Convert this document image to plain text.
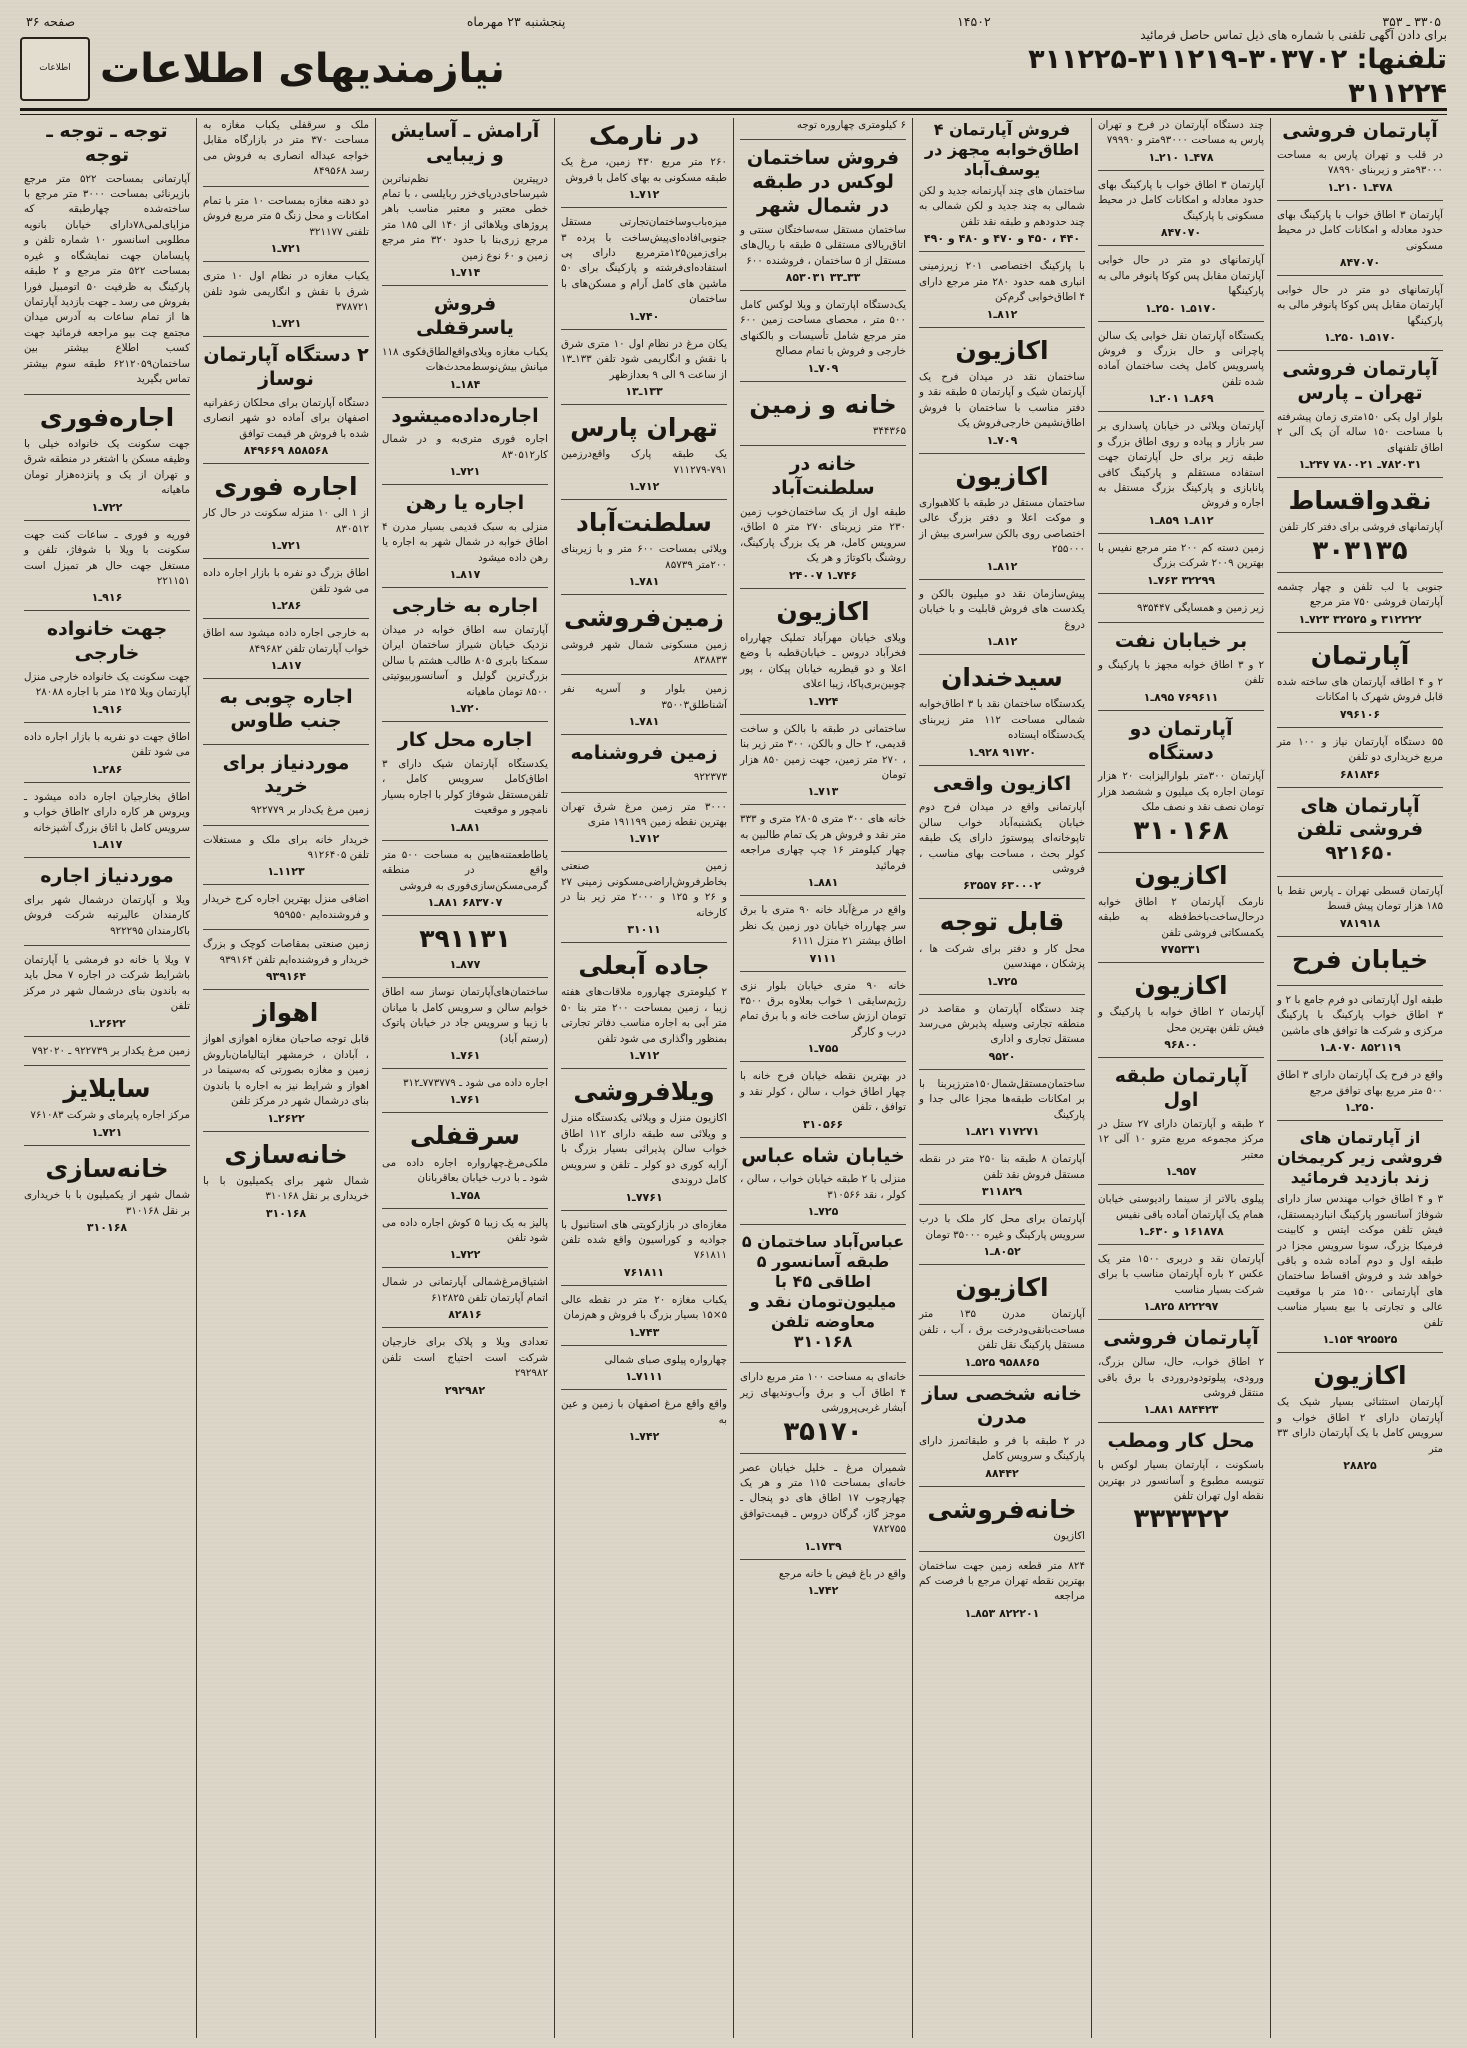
۳۳۰۵ ـ ۳۵۳
۱۴۵۰۲
پنجشنبه ۲۳ مهرماه
صفحه ۳۶
برای دادن آگهی تلفنی با شماره های ذیل تماس حاصل فرمائید
تلفنها: ۳۰۳۷۰۲-۳۱۱۲۱۹-۳۱۱۲۲۵
۳۱۱۲۲۴
نیازمندیهای اطلاعات
اطلاعات
آپارتمان فروشی
در قلب و تهران پارس به مساحت ۹۳۰۰۰متر و زیربنای ۷۸۹۹۰
۴۷۸ـ۱ ۲۱۰ـ۱
آپارتمان ۳ اطاق خواب با پارکینگ بهای حدود معادله و امکانات کامل در محیط مسکونی
۸۴۷۰۷۰
آپارتمانهای دو متر در حال خوابی آپارتمان مقابل پس کوکا پانوفر مالی به پارکینگها
۵۱۷۰ـ۱ ۲۵۰ـ۱
آپارتمان فروشی تهران ـ پارس
بلوار اول یکی ۱۵۰متری زمان پیشرفته با مساحت ۱۵۰ ساله آن یک آلی ۲ اطاق تلفنهای
۷۸۲۰۳۱ـ ۷۸۰۰۲۱ ۲۴۷ـ۱
نقدواقساط
آپارتمانهای فروشی برای دفتر کار تلفن
۳۰۳۱۳۵
جنوبی با لب تلفن و چهار چشمه آپارتمان فروشی ۷۵۰ متر مرجع
۳۱۲۲۲۲ و ۳۲۵۲۵ ۷۲۳ـ۱
آپارتمان
۲ و ۴ اطاقه آپارتمان های ساخته شده قابل فروش شهرک با امکانات
۷۹۶۱۰۶
۵۵ دستگاه آپارتمان نیاز و ۱۰۰ متر مربع خریداری دو تلفن
۶۸۱۸۴۶
آپارتمان های فروشی تلفن ۹۲۱۶۵۰
آپارتمان قسطی تهران ـ پارس نقط با ۱۸۵ هزار تومان پیش قسط
۷۸۱۹۱۸
خیابان فرح
طبقه اول آپارتمانی دو فرم جامع با ۲ و ۳ اطاق خواب پارکینگ با پارکینگ مرکزی و شرکت ها توافق های ماشین
۸۵۲۱۱۹ ۸۰۷۰ـ۱
واقع در فرح یک آپارتمان دارای ۳ اطاق ۵۰۰ متر مربع بهای توافق مرجع
۲۵۰ـ۱
از آپارتمان های فروشی زیر کریمخان زند بازدید فرمائید
۳ و ۴ اطاق خواب مهندس ساز دارای شوفاژ آسانسور پارکینگ انباردیمستقل، فیش تلفن موکت ایتس و کابینت فرمیکا بزرگ، سونا سرویس مجزا در طبقه اول و دوم آماده شده و باقی خواهد شد و فروش اقساط ساختمان های آپارتمانی ۱۵۰۰ متر با موقعیت عالی و تجارتی با بیع بسیار مناسب تلفن
۹۲۵۵۲۵ ۱۵۴ـ۱
اکازیون
آپارتمان استثنائی بسیار شیک یک آپارتمان دارای ۲ اطاق خواب و سرویس کامل با یک آپارتمان دارای ۳۳ متر
۲۸۸۲۵
چند دستگاه آپارتمان در فرح و تهران پارس به مساحت ۹۳۰۰۰متر و ۷۹۹۹۰
۴۷۸ـ۱ ۲۱۰ـ۱
آپارتمان ۳ اطاق خواب با پارکینگ بهای حدود معادله و امکانات کامل در محیط مسکونی با پارکینگ
۸۴۷۰۷۰
آپارتمانهای دو متر در حال خوابی آپارتمان مقابل پس کوکا پانوفر مالی به پارکینگها
۵۱۷۰ـ۱ ۲۵۰ـ۱
یکستگاه آپارتمان نقل خوابی یک سالن پاچرانی و حال بزرگ و فروش پاسرویس کامل پخت ساختمان آماده شده تلفن
۸۶۹ـ۱ ۲۰۱ـ۱
آپارتمان ویلائی در خیابان پاسداری بر سر بازار و پیاده و روی اطاق بزرگ و طبقه زیر برای حل آپارتمان جهت استفاده مستقلم و پارکینگ کافی پانابازی و پارکینگ بزرگ مستقل به اجاره و فروش
۸۱۲ـ۱ ۸۵۹ـ۱
زمین دسته کم ۲۰۰ متر مرجع نفیس با بهترین ۲۰۰۹ شرکت بزرگ
۳۲۲۹۹ ۷۶۳ـ۱
زیر زمین و همسایگی ۹۳۵۴۴۷
بر خیابان نفت
۲ و ۳ اطاق خوابه مجهز با پارکینگ و تلفن
۷۶۹۶۱۱ ۸۹۵ـ۱
آپارتمان دو دستگاه
آپارتمان ۳۰۰متر بلوارالیزابت ۲۰ هزار تومان اجاره یک میلیون و ششصد هزار تومان نصف نقد و نصف ملک
۳۱۰۱۶۸
اکازیون
نارمک آپارتمان ۲ اطاق خوابه درحال‌ساخت‌باخط‌فظه به طبقه یکمسکاتی فروشی تلفن
۷۷۵۳۳۱
اکازیون
آپارتمان ۲ اطاق خوابه با پارکینگ و فیش تلفن بهترین محل
۹۶۸۰۰
آپارتمان طبقه اول
۲ طبقه و آپارتمان دارای ۲۷ ستل در مرکز مجموعه مربع مترو ۱۰ آلی ۱۲ معتبر
۹۵۷ـ۱
پیلوی بالاتر از سینما رادیوستی خیابان همام یک آپارتمان آماده باقی نفیس
۱۶۱۸۷۸ و ۶۳۰ـ۱
آپارتمان نقد و دربری ۱۵۰۰ متر یک عکس ۲ باره آپارتمان مناسب با برای شرکت بسیار مناسب
۸۲۲۲۹۷ ۸۲۵ـ۱
آپارتمان فروشی
۲ اطاق خواب، حال، سالن بزرگ، ورودی، پیلوتو‌دو‌در‌ور‌دی با برق باقی منتقل فروشی
۸۸۴۴۲۳ ۸۸۱ـ۱
محل کار ومطب
باسکونت ، آپارتمان بسیار لوکس با تنویسه مطبوع و آسانسور در بهترین نقطه اول تهران تلفن
۳۳۳۳۲۲
فروش آپارتمان ۴ اطاق‌خوابه مجهز در یوسف‌آباد
ساختمان های چند آپارتمانه جدید و لکن شمالی به چند جدید و لکن شمالی به چند حدودهم و طبقه نقد تلفن
۴۴۰ ، ۴۵۰ و ۴۷۰ و ۴۸۰ و ۴۹۰
با پارکینگ اختصاصی ۲۰۱ زیرزمینی انباری همه حدود ۲۸۰ متر مرجع دارای ۴ اطاق‌خوابی گرم‌کن
۸۱۲ـ۱
اکازیون
ساختمان نقد در میدان فرح یک آپارتمان شیک و آپارتمان ۵ طبقه نقد و دفتر مناسب با ساختمان با فروش اطاق‌نشیمن خارجی‌فروش یک
۷۰۹ـ۱
اکازیون
ساختمان مستقل در طبقه با کلاهبواری و موکت اعلا و دفتر بزرگ عالی اختصاصی روی بالکن سراسری بیش از ۲۵۵۰۰۰
۸۱۲ـ۱
پیش‌سازمان نقد دو میلیون بالکن و یکدست های فروش قابلیت و با خیابان دروغ
۸۱۲ـ۱
سیدخندان
یکدستگاه ساختمان نقد با ۳ اطاق‌خوابه شمالی مساحت ۱۱۲ متر زیربنای یک‌دستگاه ایستاده
۹۱۷۲۰ ۹۲۸ـ۱
اکازیون واقعی
آپارتمانی واقع در میدان فرح دوم خیابان یکشنبه‌آباد خواب سالن تاپوخانه‌ای پیوستوژ دارای یک طبقه کولر بحث ، مساحت بهای مناسب ، فروشی
۶۳۰۰۰۲ ۶۳۵۵۷
قابل توجه
محل کار و دفتر برای شرکت ها ، پزشکان ، مهندسین
۷۲۵ـ۱
چند دستگاه آپارتمان و مقاصد در منطقه تجارتی وسیله پذیرش می‌رسد مستقل تجاری و اداری
۹۵۲۰
ساختمان‌مستقل‌شمال‌۱۵۰متر‌زیربنا با بر امکانات طبقه‌ها مجزا عالی جدا و پارکینگ
۷۱۷۲۷۱ ۸۲۱ـ۱
آپارتمان ۸ طبقه بنا ۲۵۰ متر در نقطه مستقل فروش نقد تلفن
۳۱۱۸۲۹
آپارتمان برای محل کار ملک با درب سرویس پارکینگ و غیره ۳۵۰۰۰ تومان
۸۰۵۲ـ۱
اکازیون
آپارتمان مدرن ۱۳۵ متر مساحت‌بانقی‌ودرخت برق ، آب ، تلفن مستقل پارکینگ نقل تلفن
۹۵۸۸۶۵ ۵۲۵ـ۱
خانه شخصی ساز مدرن
در ۲ طبقه با فر و طبقاتمرز دارای پارکینگ و سرویس کامل
۸۸۴۴۲
خانه‌فروشی
اکازیون
۸۲۴ متر قطعه زمین جهت ساختمان بهترین نقطه تهران مرجع با فرصت کم مراجعه
۸۲۲۲۰۱ ۸۵۳ـ۱
۶ کیلومتری چهاروره توجه
فروش ساختمان لوکس در طبقه در شمال شهر
ساختمان مستقل سه‌ساختگان سنتی و اتاق‌ریالای مستقلی ۵ طبقه ‌با ریال‌های مستقل از ۵ ساختمان ، فروشنده ۶۰۰
۳۳ـ۳۳ ۸۵۳۰۳۱
یک‌دستگاه اپارتمان و ویلا لوکس کامل ۵۰۰ متر ، محصای مساحت زمین ۶۰۰ متر مرجع شامل تأسیسات و بالکنهای خارجی و فروش با تمام مصالح
۷۰۹ـ۱
خانه و زمین
۳۴۴۳۶۵
خانه در سلطنت‌آباد
طبقه اول از یک ساختمان‌خوب زمین ۲۳۰ متر زیربنای ۲۷۰ متر ۵ اطاق، سرویس کامل، هر یک بزرگ پارکینگ، روشنگ باکوتاژ و هر یک
۷۴۶ـ۱ ۲۴۰۰۷
اکازیون
ویلای خیابان مهرآباد تملیک چهارراه فخرآباد دروس ـ خیابان‌قطبه با وضع اعلا و دو قیطریه خیابان پیکان ، پور چوبین‌بری‌پاکا، زیبا اعلای
۷۲۴ـ۱
ساختمانی در طبقه با بالکن و ساخت قدیمی، ۲ حال و بالکن، ۳۰۰ متر زیر بنا ، ۲۷۰ متر زمین، جهت زمین ۸۵۰ هزار تومان
۷۱۳ـ۱
خانه های ۳۰۰ متری ۲۸۰۵ متری و ۳۳۳ متر نقد و فروش هر یک تمام طالبین به چهار کیلومتر ۱۶ چپ چهاری مراجعه فرمائید
۸۸۱ـ۱
واقع در مرغ‌آباد خانه ۹۰ متری با برق سر چهارراه خیابان دور زمین یک نظر اطاق بیشتر ۲۱ منزل ۶۱۱۱
۷۱۱۱
خانه ۹۰ متری خیابان بلوار نزی رژیم‌سایقی ۱ خواب بعلاوه برق ۳۵۰۰ تومان ارزش ساخت خانه و با برق تمام درب و کارگر
۷۵۵ـ۱
در بهترین نقطه خیابان فرح خانه با چهار اطاق خواب ، سالن ، کولر نقد و توافق ، تلفن
۳۱۰۵۶۶
خیابان شاه عباس
منزلی با ۲ طبقه خیابان خواب ، سالن ، کولر ، نقد ۳۱۰۵۶۶
۷۲۵ـ۱
عباس‌آباد ساختمان ۵ طبقه آسانسور ۵ اطاقی ۴۵ با میلیون‌تومان نقد و معاوضه تلفن ۳۱۰۱۶۸
خانه‌ای به مساحت ۱۰۰ متر مربع دارای ۴ اطاق آب و برق وآب‌وندیهای زیر آبشار غربی‌پرورشی
۳۵۱۷۰
شمیران مرغ ـ خلیل خیابان عصر خانه‌ای بمساحت ۱۱۵ متر و هر یک چهارچوب ۱۷ اطاق های دو پنجال ـ موجز گاز، گرگان دروس ـ قیمت‌توافق ۷۸۲۷۵۵
۱۷۳۹ـ۱
واقع در باغ فیض با خانه مرجع
۷۴۲ـ۱
در نارمک
۲۶۰ متر مربع ۴۳۰ زمین، مرغ یک طبقه مسکونی به بهای کامل با فروش
۷۱۲ـ۱
میزه‌باب‌وساختمان‌تجارتی مستقل جنوبی‌افاده‌ای‌پیش‌ساخت با پرده ۳ برای‌زمین‌۱۲۵متر‌مربع دارای پی استفاده‌ای‌فرشته و پارکینگ برای ۵۰ ماشین های کامل آرام و مسکن‌های با ساختمان
۷۴۰ـ۱
یکان مرغ در نظام اول ۱۰ متری شرق با نقش و انگاریمی شود تلفن ۱۳۳ـ۱۳ از ساعت ۹ الی ۹ بعدازظهر
۱۳۳ـ۱۳
تهران پارس
یک طبقه پارک واقع‌در‌زمین ۷۹۱-۷۱۱۲۷۹
۷۱۲ـ۱
سلطنت‌آباد
ویلائی بمساحت ۶۰۰ متر و با زیربنای ۲۰۰متر ۸۵۷۳۹
۷۸۱ـ۱
زمین‌فروشی
زمین مسکونی شمال شهر فروشی ۸۳۸۸۳۳
زمین بلوار و آسرپه نفر آشنا‌طلق‌۳۵۰۰۳
۷۸۱ـ۱
زمین فروشنامه
۹۲۲۳۷۳
۳۰۰۰ متر زمین مرغ شرق تهران بهترین نقطه زمین ۱۹۱۱۹۹ متری
۷۱۲ـ۱
زمین صنعتی بخاطر‌فروش‌اراضی‌مسکونی زمینی ۲۷ و ۲۶ و ۱۲۵ و ۲۰۰۰ متر زیر بنا در کارخانه
۳۱۰۱۱
جاده آبعلی
۲ کیلومتری چهاروره ملاقات‌های هفته زیبا ، زمین بمساحت ۲۰۰ متر بنا ۵۰ متر آبی به اجاره مناسب دفاتر تجارتی بمنظور واگذاری می شود تلفن
۷۱۲ـ۱
ویلافروشی
اکازیون منزل و ویلائی یکدستگاه منزل و ویلائی سه طبقه دارای ۱۱۲ اطاق خواب سالن پذیرائی بسیار بزرگ با آرایه کوری دو کولر ـ تلفن و سرویس کامل دروندی
۷۷۶۱ـ۱
مغازه‌ای در بازارکویتی های استانبول با جوادیه و کوراسیون واقع شده تلفن ۷۶۱۸۱۱
۷۶۱۸۱۱
یکباب مغازه ۲۰ متر در نقطه عالی ۵×۱۵ بسیار بزرگ با فروش و هم‌زمان
۷۴۳ـ۱
چهارواره پیلوی صبای شمالی
۷۱۱۱ـ۱
واقع واقع مرغ اصفهان با زمین و عین به
۷۴۲ـ۱
آرامش ـ آسایش و زیبایی
درپیترین نظم‌نباتربن شیر‌ساحای‌دریای‌خزر ربایلسی ، با تمام خطی معتبر و معتبر مناسب باهر پروژهای ویلاهائی از ۱۴۰ الی ۱۸۵ متر مرجع زری‌بنا با حدود ۳۲۰ متر مرجع زمین و ۶۰ نوع زمین
۷۱۴ـ۱
فروش یاسرقفلی
یکباب مغازه ویلای‌واقع‌الطاق‌فکوی ۱۱۸ میانش بیش‌نوسط‌محدث‌هات
۱۸۴ـ۱
اجاره‌داده‌میشود
اجاره فوری متری‌به و در شمال کار۸۳۰۵۱۲
۷۲۱ـ۱
اجاره یا رهن
منزلی به سبک قدیمی بسیار مدرن ۴ اطاق خوابه در شمال شهر به اجاره یا رهن داده میشود
۸۱۷ـ۱
اجاره به خارجی
آپارتمان سه اطاق خوابه در میدان نزدیک خیابان شیراز ساختمان ایران سمکتا بابری ۸۰۵ طالب هشتم با سالن بزرگ‌ترین گولیل و آسانسوربیوتیتی ۸۵۰۰ تومان ماهیانه
۷۲۰ـ۱
اجاره محل کار
یکدستگاه آپارتمان شیک دارای ۳ اطاق‌کامل سرویس کامل ، تلفن‌مستقل شوفاژ کولر با اجاره بسیار نامچور و موقعیت
۸۸۱ـ۱
یاطاطعمتنه‌هایین به مساحت ۵۰۰ متر واقع در منطقه گرمی‌مسکن‌سازی‌فوری به فروشی
۶۸۳۷۰۷ ۸۸۱ـ۱
۳۹۱۱۳۱
۸۷۷ـ۱
ساختمان‌های‌آپارتمان نوساز سه اطاق خوابم سالن و سرویس کامل با میانان با زیبا و سرویس جاد در خیابان پاتوک (رستم آباد)
۷۶۱ـ۱
اجاره داده می شود ـ ۷۷۳۷۷۹ـ۳۱۲
۷۶۱ـ۱
سرقفلی
ملکی‌مرغ‌ـ‌چهارواره اجاره داده می شود ـ با درب خیابان بعاقربانان
۷۵۸ـ۱
پالیز به یک زیبا ۵ کوش اجاره داده می شود تلفن
۷۲۲ـ۱
اشتیاق‌مرغ‌شمالی آپارتمانی در شمال اتمام آپارتمان تلفن ۶۱۲۸۲۵
۸۲۸۱۶
تعدادی ویلا و پلاک برای خارجیان شرکت است احتیاج است تلفن ۲۹۲۹۸۲
۲۹۲۹۸۲
ملک و سرقفلی یکباب مغازه به مساحت ۳۷۰ متر در بازارگاه مقابل خواجه عبداله انصاری به فروش می رسد ۸۴۹۵۶۸
دو دهنه مغازه بمساحت ۱۰ متر با تمام امکانات و محل زنگ ۵ متر مربع فروش تلفنی ۳۲۱۱۷۷
۷۲۱ـ۱
یکباب مغازه در نظام اول ۱۰ متری شرق با نقش و انگاریمی شود تلفن ۳۷۸۷۲۱
۷۲۱ـ۱
۲ دستگاه آپارتمان نوساز
دستگاه آپارتمان برای محلکان زعفرانیه اصفهان برای آماده دو شهر انصاری شده با فروش هر قیمت توافق
۸۵۸۵۶۸ ۸۴۹۶۶۹
اجاره فوری
از ۱ الی ۱۰ منزله سکونت در حال کار ۸۳۰۵۱۲
۷۲۱ـ۱
اطاق بزرگ دو نفره با بازار اجاره داده می شود تلفن
۲۸۶ـ۱
به خارجی اجاره داده میشود سه اطاق خواب آپارتمان تلفن ۸۴۹۶۸۲
۸۱۷ـ۱
اجاره چوبی به جنب طاوس
موردنیاز برای خرید
زمین مرغ یک‌دار بر ۹۲۲۷۷۹
خریدار خانه برای ملک و مستغلات تلفن ۹۱۲۶۴۰۵
۱۱۲۳ـ۱
اضافی منزل بهترین اجاره کرج خریدار و فروشنده‌ایم ۹۵۹۵۵۰
زمین صنعتی بمقاصات کوچک و بزرگ خریدار و فروشنده‌ایم تلفن ۹۳۹۱۶۴
۹۳۹۱۶۴
اهواز
قابل توجه صاحبان مغازه اهوازی اهواز ، آبادان ، خرمشهر ایتالیامان‌باروش زمین و مغازه بصورتی که به‌سینما در اهواز و شرایط نیز به اجاره با باندون بنای درشمال شهر در مرکز تلفن
۲۶۲۲ـ۱
خانه‌سازی
شمال شهر برای یکمیلیون با با خریداری بر نقل ۳۱۰۱۶۸
۳۱۰۱۶۸
توجه ـ توجه ـ توجه
آپارتمانی بمساحت ۵۲۲ متر مرجع بازیرنائی بمساحت ۳۰۰۰ متر مرجع با ساخته‌شده چهارطبقه که مزایای‌لمی‌۷۸دارای خیابان بانویه مطلوبی اسانسور ۱۰ شماره تلفن و پایسامان جهت نمایشگاه و غیره بمساحت ۵۲۲ متر مرجع و ۲ طبقه پارکینگ به ظرفیت ۵۰ اتومبیل فورا بفروش می رسد ـ جهت بازدید آپارتمان ها از تمام ساعات به آدرس میدان مجتمع چت بیو مراجعه فرمائید جهت کسب اطلاع بیشتر بین ساختمان۶۲۱۲۰۵۹ طبقه سوم بیشتر تماس بگیرید
اجاره‌فوری
جهت سکونت یک خانواده خیلی با وظیفه مسکن با اشتغر در منطقه شرق و تهران از یک و پانزده‌هزار تومان ماهیانه
۷۲۲ـ۱
فوریه و فوری ـ ساعات کنت جهت سکونت با ویلا با شوفاژ، تلفن و مستغل جهت حال هر تمیزل است ۲۲۱۱۵۱
۹۱۶ـ۱
جهت خانواده خارجی
جهت سکونت یک خانواده خارجی منزل آپارتمان ویلا ۱۲۵ متر با اجاره ۲۸۰۸۸
۹۱۶ـ۱
اطاق جهت دو نفریه با بازار اجاره داده می شود تلفن
۲۸۶ـ۱
اطاق بخارجیان اجاره داده میشود ـ ویروس هر کاره دارای ۲اطاق خواب و سرویس کامل با اتاق بزرگ آشپزخانه
۸۱۷ـ۱
موردنیاز اجاره
ویلا و آپارتمان درشمال شهر برای کارمندان عالیرتبه شرکت فروش باکارمندان ۹۲۲۲۹۵
۷ ویلا یا خانه دو فرمشی یا آپارتمان باشرایط شرکت در اجاره ۷ محل باید به باندون بنای درشمال شهر در مرکز تلفن
۲۶۲۲ـ۱
زمین مرغ یکدار بر ۹۲۲۷۳۹ ـ ۷۹۲۰۲۰
سایلایز
مرکز اجاره پایرمای و شرکت ۷۶۱۰۸۳
۷۲۱ـ۱
خانه‌سازی
شمال شهر از یکمیلیون با با خریداری بر نقل ۳۱۰۱۶۸
۳۱۰۱۶۸
